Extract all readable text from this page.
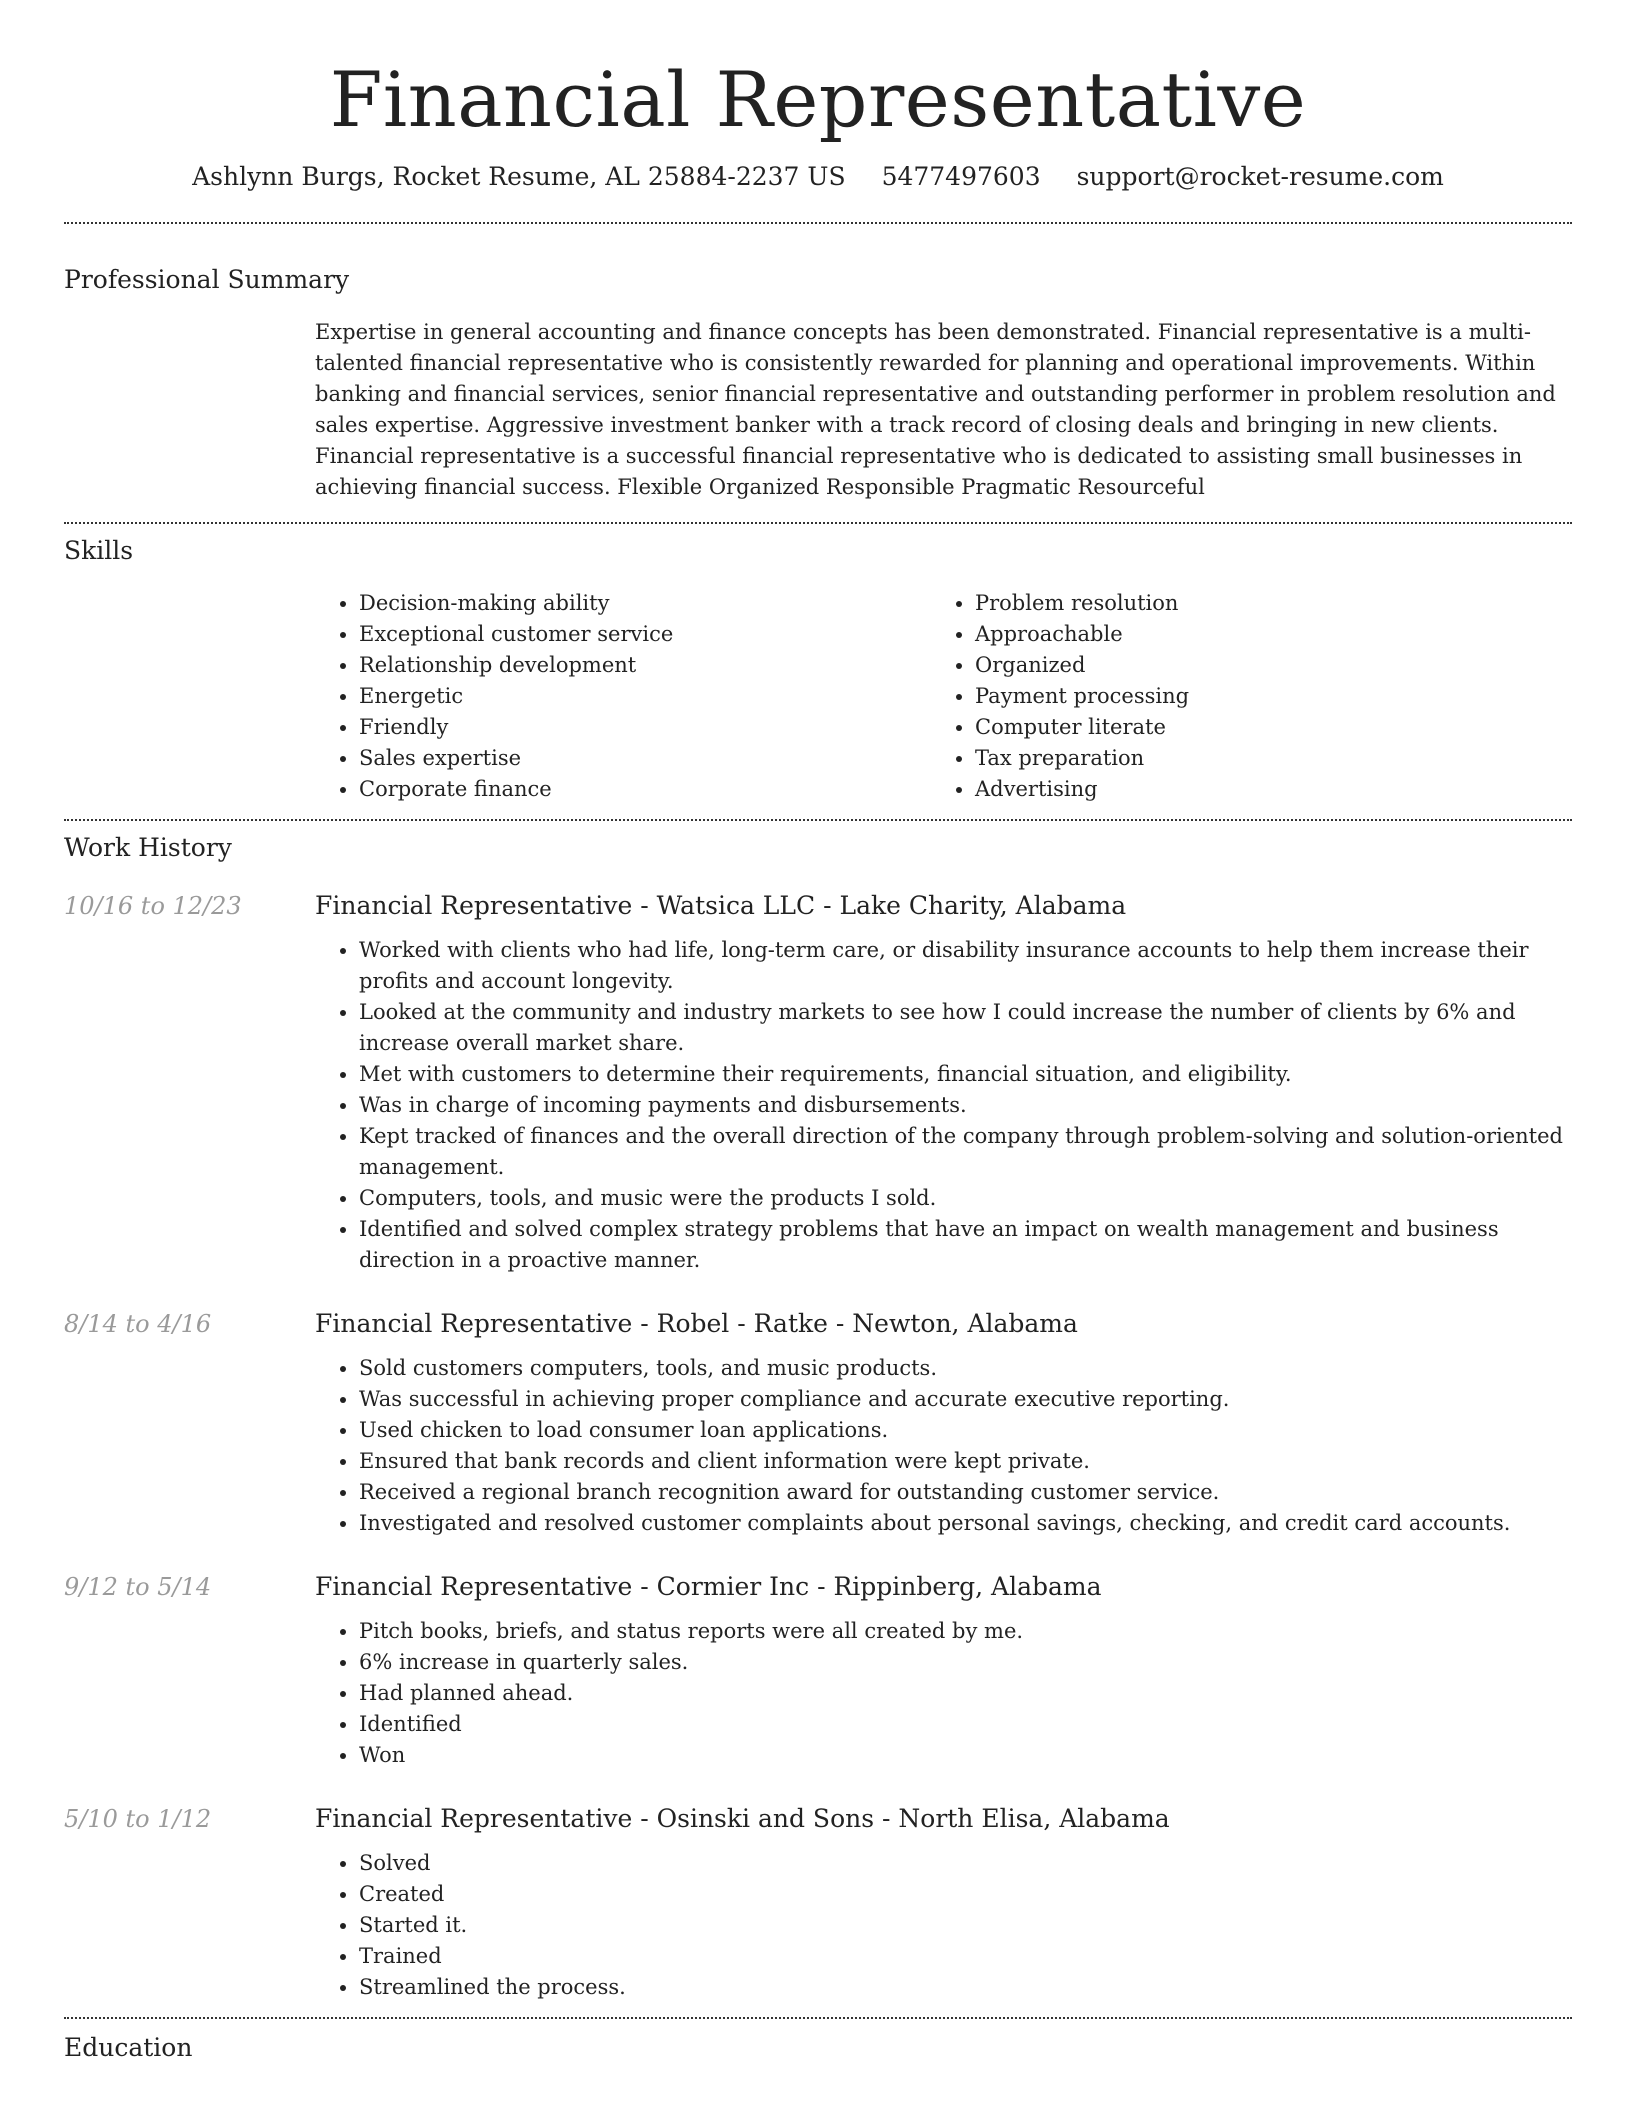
Financial Representative
Ashlynn Burgs, Rocket Resume, AL 25884-2237 US 5477497603 support@rocket-resume.com
Professional Summary

Expertise in general accounting and finance concepts has been demonstrated. Financial representative is a multi-talented financial representative who is consistently rewarded for planning and operational improvements. Within banking and financial services, senior financial representative and outstanding performer in problem resolution and sales expertise. Aggressive investment banker with a track record of closing deals and bringing in new clients. Financial representative is a successful financial representative who is dedicated to assisting small businesses in achieving financial success. Flexible Organized Responsible Pragmatic Resourceful

Skills
• Decision-making ability
• Exceptional customer service
• Relationship development
• Energetic
• Friendly
• Sales expertise
• Corporate finance
• Problem resolution
• Approachable
• Organized
• Payment processing
• Computer literate
• Tax preparation
• Advertising
Work History
10/16 to 12/23	Financial Representative - Watsica LLC - Lake Charity, Alabama
• Worked with clients who had life, long-term care, or disability insurance accounts to help them increase their profits and account longevity.
• Looked at the community and industry markets to see how I could increase the number of clients by 6% and increase overall market share.
• Met with customers to determine their requirements, financial situation, and eligibility.
• Was in charge of incoming payments and disbursements.
• Kept tracked of finances and the overall direction of the company through problem-solving and solution-oriented management.
• Computers, tools, and music were the products I sold.
• Identified and solved complex strategy problems that have an impact on wealth management and business direction in a proactive manner.
8/14 to 4/16	Financial Representative - Robel - Ratke - Newton, Alabama
• Sold customers computers, tools, and music products.
• Was successful in achieving proper compliance and accurate executive reporting.
• Used chicken to load consumer loan applications.
• Ensured that bank records and client information were kept private.
• Received a regional branch recognition award for outstanding customer service.
• Investigated and resolved customer complaints about personal savings, checking, and credit card accounts.
9/12 to 5/14	Financial Representative - Cormier Inc - Rippinberg, Alabama
• Pitch books, briefs, and status reports were all created by me.
• 6% increase in quarterly sales.
• Had planned ahead.
• Identified
• Won
5/10 to 1/12	Financial Representative - Osinski and Sons - North Elisa, Alabama
• Solved
• Created
• Started it.
• Trained
• Streamlined the process.
Education
